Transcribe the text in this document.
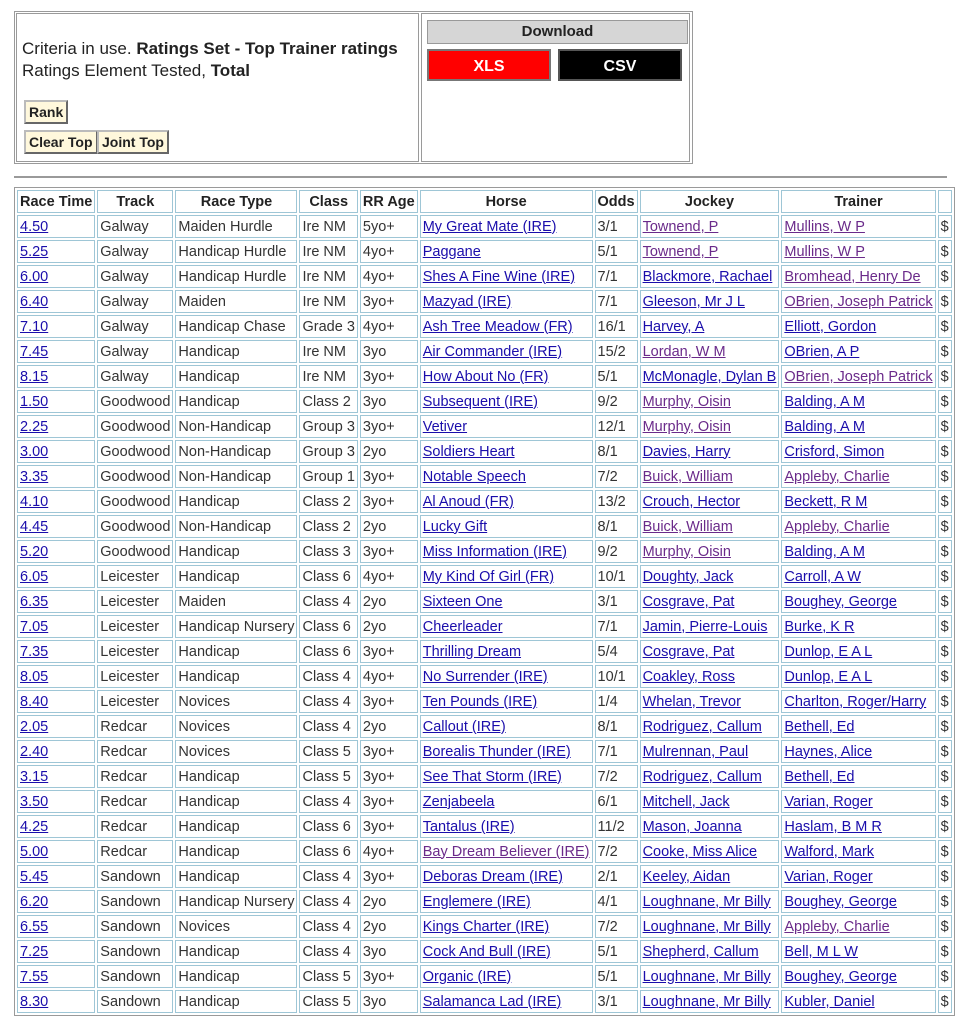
Criteria in use. Ratings Set - Top Trainer ratings
Ratings Element Tested, Total
Rank
Clear Top Joint Top
Download
XLS	CSV
Race Time	Track	Race Type	Class	RR Age	Horse	Odds	Jockey	Trainer	
4.50	Galway	Maiden Hurdle	Ire NM	5yo+	My Great Mate (IRE)	3/1	Townend, P	Mullins, W P	$
5.25	Galway	Handicap Hurdle	Ire NM	4yo+	Paggane	5/1	Townend, P	Mullins, W P	$
6.00	Galway	Handicap Hurdle	Ire NM	4yo+	Shes A Fine Wine (IRE)	7/1	Blackmore, Rachael	Bromhead, Henry De	$
6.40	Galway	Maiden	Ire NM	3yo+	Mazyad (IRE)	7/1	Gleeson, Mr J L	OBrien, Joseph Patrick	$
7.10	Galway	Handicap Chase	Grade 3	4yo+	Ash Tree Meadow (FR)	16/1	Harvey, A	Elliott, Gordon	$
7.45	Galway	Handicap	Ire NM	3yo	Air Commander (IRE)	15/2	Lordan, W M	OBrien, A P	$
8.15	Galway	Handicap	Ire NM	3yo+	How About No (FR)	5/1	McMonagle, Dylan B	OBrien, Joseph Patrick	$
1.50	Goodwood	Handicap	Class 2	3yo	Subsequent (IRE)	9/2	Murphy, Oisin	Balding, A M	$
2.25	Goodwood	Non-Handicap	Group 3	3yo+	Vetiver	12/1	Murphy, Oisin	Balding, A M	$
3.00	Goodwood	Non-Handicap	Group 3	2yo	Soldiers Heart	8/1	Davies, Harry	Crisford, Simon	$
3.35	Goodwood	Non-Handicap	Group 1	3yo+	Notable Speech	7/2	Buick, William	Appleby, Charlie	$
4.10	Goodwood	Handicap	Class 2	3yo+	Al Anoud (FR)	13/2	Crouch, Hector	Beckett, R M	$
4.45	Goodwood	Non-Handicap	Class 2	2yo	Lucky Gift	8/1	Buick, William	Appleby, Charlie	$
5.20	Goodwood	Handicap	Class 3	3yo+	Miss Information (IRE)	9/2	Murphy, Oisin	Balding, A M	$
6.05	Leicester	Handicap	Class 6	4yo+	My Kind Of Girl (FR)	10/1	Doughty, Jack	Carroll, A W	$
6.35	Leicester	Maiden	Class 4	2yo	Sixteen One	3/1	Cosgrave, Pat	Boughey, George	$
7.05	Leicester	Handicap Nursery	Class 6	2yo	Cheerleader	7/1	Jamin, Pierre-Louis	Burke, K R	$
7.35	Leicester	Handicap	Class 6	3yo+	Thrilling Dream	5/4	Cosgrave, Pat	Dunlop, E A L	$
8.05	Leicester	Handicap	Class 4	4yo+	No Surrender (IRE)	10/1	Coakley, Ross	Dunlop, E A L	$
8.40	Leicester	Novices	Class 4	3yo+	Ten Pounds (IRE)	1/4	Whelan, Trevor	Charlton, Roger/Harry	$
2.05	Redcar	Novices	Class 4	2yo	Callout (IRE)	8/1	Rodriguez, Callum	Bethell, Ed	$
2.40	Redcar	Novices	Class 5	3yo+	Borealis Thunder (IRE)	7/1	Mulrennan, Paul	Haynes, Alice	$
3.15	Redcar	Handicap	Class 5	3yo+	See That Storm (IRE)	7/2	Rodriguez, Callum	Bethell, Ed	$
3.50	Redcar	Handicap	Class 4	3yo+	Zenjabeela	6/1	Mitchell, Jack	Varian, Roger	$
4.25	Redcar	Handicap	Class 6	3yo+	Tantalus (IRE)	11/2	Mason, Joanna	Haslam, B M R	$
5.00	Redcar	Handicap	Class 6	4yo+	Bay Dream Believer (IRE)	7/2	Cooke, Miss Alice	Walford, Mark	$
5.45	Sandown	Handicap	Class 4	3yo+	Deboras Dream (IRE)	2/1	Keeley, Aidan	Varian, Roger	$
6.20	Sandown	Handicap Nursery	Class 4	2yo	Englemere (IRE)	4/1	Loughnane, Mr Billy	Boughey, George	$
6.55	Sandown	Novices	Class 4	2yo	Kings Charter (IRE)	7/2	Loughnane, Mr Billy	Appleby, Charlie	$
7.25	Sandown	Handicap	Class 4	3yo	Cock And Bull (IRE)	5/1	Shepherd, Callum	Bell, M L W	$
7.55	Sandown	Handicap	Class 5	3yo+	Organic (IRE)	5/1	Loughnane, Mr Billy	Boughey, George	$
8.30	Sandown	Handicap	Class 5	3yo	Salamanca Lad (IRE)	3/1	Loughnane, Mr Billy	Kubler, Daniel	$
